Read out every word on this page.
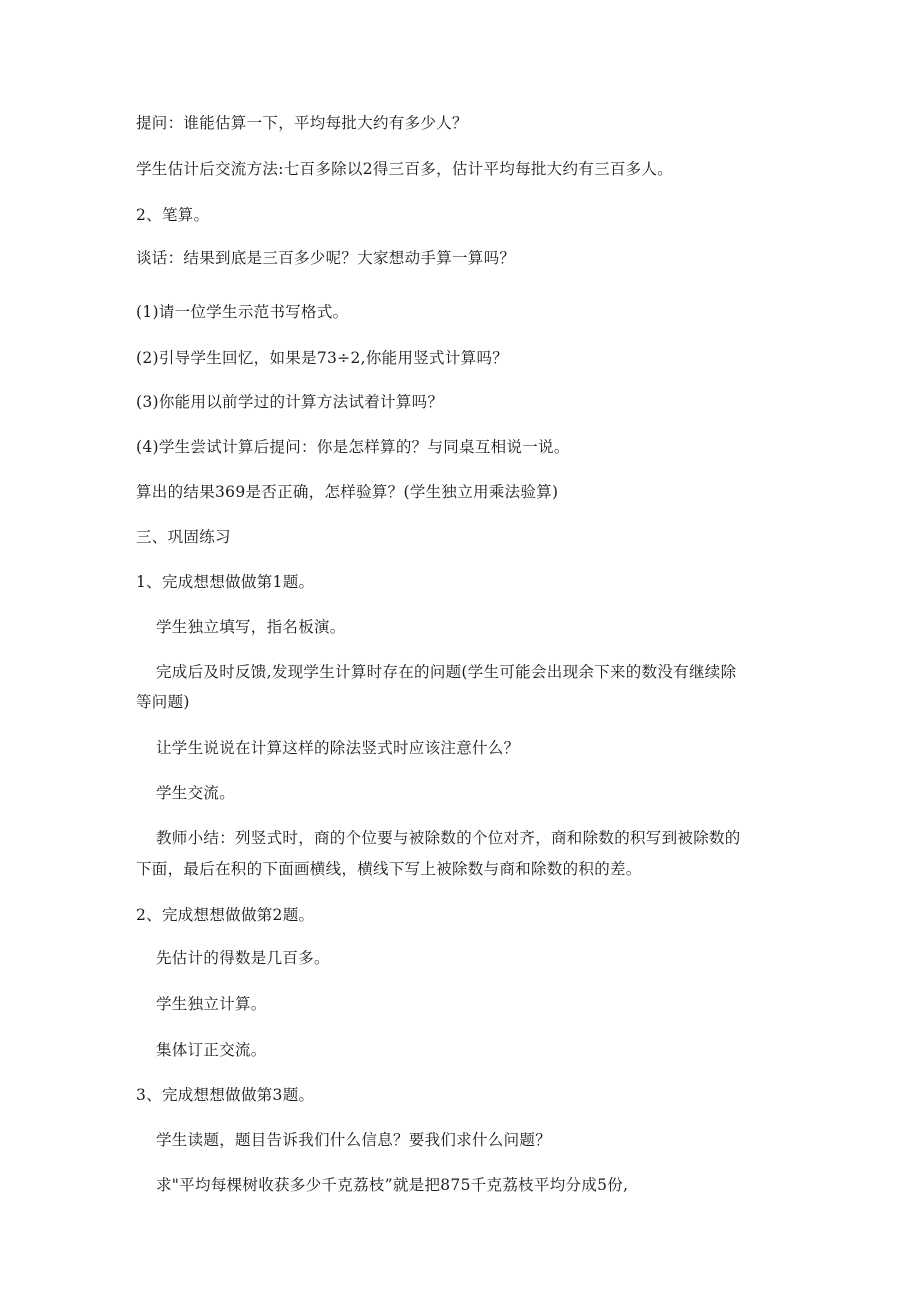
提问：谁能估算一下，平均每批大约有多少人？
学生估计后交流方法:七百多除以2得三百多，估计平均每批大约有三百多人。
2、笔算。
谈话：结果到底是三百多少呢？大家想动手算一算吗？
(1)请一位学生示范书写格式。
(2)引导学生回忆，如果是73÷2,你能用竖式计算吗？
(3)你能用以前学过的计算方法试着计算吗？
(4)学生尝试计算后提问：你是怎样算的？与同桌互相说一说。
算出的结果369是否正确，怎样验算？(学生独立用乘法验算)
三、巩固练习
1、完成想想做做第1题。
学生独立填写，指名板演。
完成后及时反馈,发现学生计算时存在的问题(学生可能会出现余下来的数没有继续除
等问题)
让学生说说在计算这样的除法竖式时应该注意什么？
学生交流。
教师小结：列竖式时，商的个位要与被除数的个位对齐，商和除数的积写到被除数的
下面，最后在积的下面画横线，横线下写上被除数与商和除数的积的差。
2、完成想想做做第2题。
先估计的得数是几百多。
学生独立计算。
集体订正交流。
3、完成想想做做第3题。
学生读题，题目告诉我们什么信息？要我们求什么问题？
求"平均每棵树收获多少千克荔枝”就是把875千克荔枝平均分成5份,
